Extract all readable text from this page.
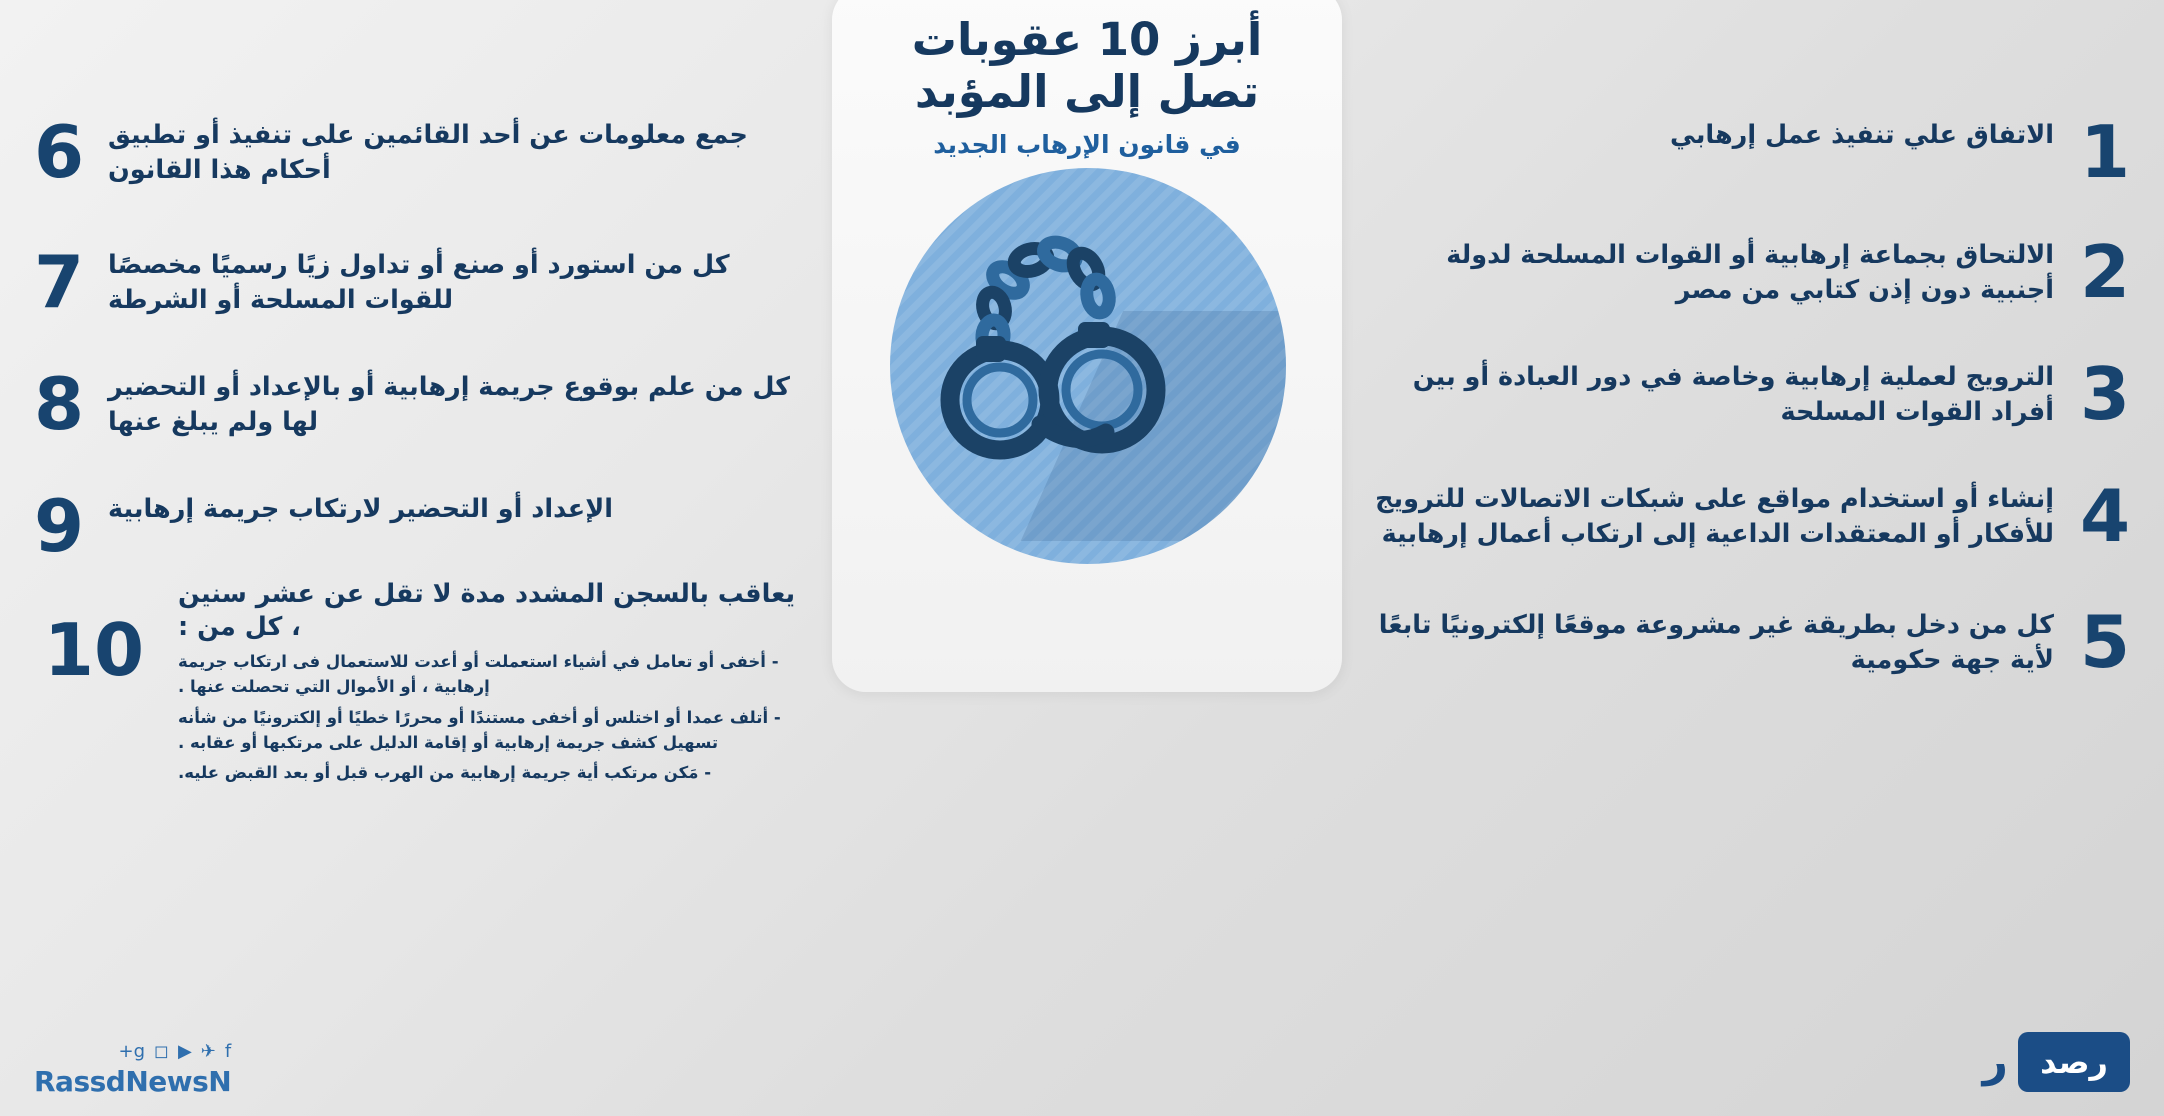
أبرز 10 عقوبات
تصل إلى المؤبد
في قانون الإرهاب الجديد	1
الاتفاق علي تنفيذ عمل إرهابي
2
الالتحاق بجماعة إرهابية أو القوات المسلحة لدولة أجنبية دون إذن كتابي من مصر
3
الترويج لعملية إرهابية وخاصة في دور العبادة أو بين أفراد القوات المسلحة
4
إنشاء أو استخدام مواقع على شبكات الاتصالات للترويج للأفكار أو المعتقدات الداعية إلى ارتكاب أعمال إرهابية
5
كل من دخل بطريقة غير مشروعة موقعًا إلكترونيًا تابعًا لأية جهة حكومية
جمع معلومات عن أحد القائمين على تنفيذ أو تطبيق أحكام هذا القانون
6
كل من استورد أو صنع أو تداول زيًا رسميًا مخصصًا للقوات المسلحة أو الشرطة
7
كل من علم بوقوع جريمة إرهابية أو بالإعداد أو التحضير لها ولم يبلغ عنها
8
الإعداد أو التحضير لارتكاب جريمة إرهابية
9
يعاقب بالسجن المشدد مدة لا تقل عن عشر سنين ، كل من :
- أخفى أو تعامل في أشياء استعملت أو أعدت للاستعمال فى ارتكاب جريمة إرهابية ، أو الأموال التي تحصلت عنها .
- أتلف عمدا أو اختلس أو أخفى مستندًا أو محررًا خطيًا أو إلكترونيًا من شأنه تسهيل كشف جريمة إرهابية أو إقامة الدليل على مرتكبها أو عقابه .
- مَكن مرتكب أية جريمة إرهابية من الهرب قبل أو بعد القبض عليه.
10
f
✈
▶
◻
g+
RassdNewsN
رصد
ر
